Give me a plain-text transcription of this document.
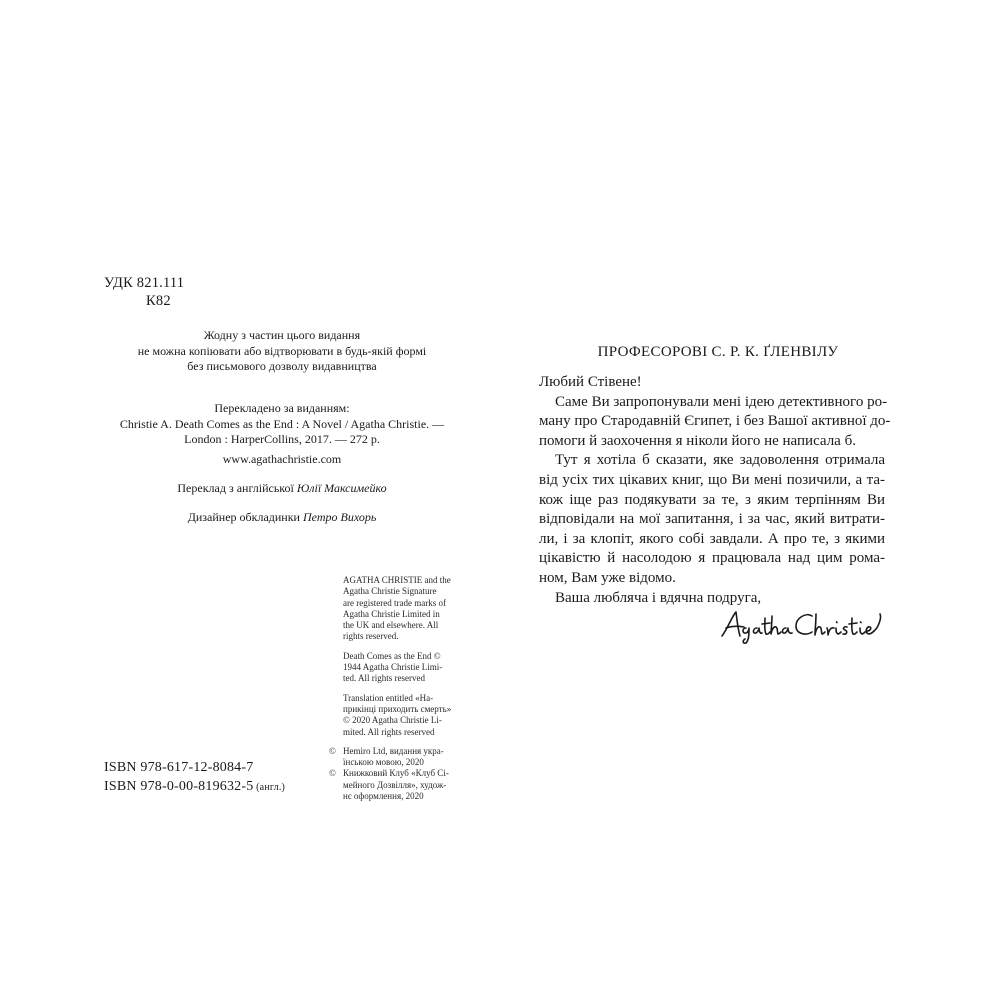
УДК 821.111
К82
Жодну з частин цього видання
не можна копіювати або відтворювати в будь-якій формі
без письмового дозволу видавництва
Перекладено за виданням:
Christie A. Death Comes as the End : A Novel / Agatha Christie. —
London : HarperCollins, 2017. — 272 p.
www.agathachristie.com
Переклад з англійської Юлії Максимейко
Дизайнер обкладинки Петро Вихорь
AGATHA CHRISTIE and the
Agatha Christie Signature
are registered trade marks of
Agatha Christie Limited in
the UK and elsewhere. All
rights reserved.
Death Comes as the End ©
1944 Agatha Christie Limi-
ted. All rights reserved
Translation entitled «На-
прикінці приходить смерть»
© 2020 Agatha Christie Li-
mited. All rights reserved
© Hemiro Ltd, видання укра-
їнською мовою, 2020
© Книжковий Клуб «Клуб Сі-
мейного Дозвілля», худож-
нє оформлення, 2020
ISBN 978-617-12-8084-7
ISBN 978-0-00-819632-5 (англ.)
ПРОФЕСОРОВІ С. Р. К. ҐЛЕНВІЛУ
Любий Стівене!
Саме Ви запропонували мені ідею детективного ро-
ману про Стародавній Єгипет, і без Вашої активної до-
помоги й заохочення я ніколи його не написала б.
Тут я хотіла б сказати, яке задоволення отримала
від усіх тих цікавих книг, що Ви мені позичили, а та-
кож іще раз подякувати за те, з яким терпінням Ви
відповідали на мої запитання, і за час, який витрати-
ли, і за клопіт, якого собі завдали. А про те, з якими
цікавістю й насолодою я працювала над цим рома-
ном, Вам уже відомо.
Ваша любляча і вдячна подруга,
